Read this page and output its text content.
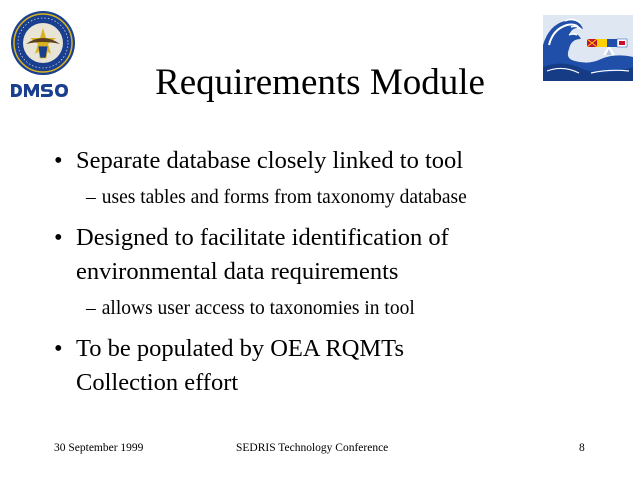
Requirements Module
• Separate database closely linked to tool
– uses tables and forms from taxonomy database
• Designed to facilitate identification of
environmental data requirements
– allows user access to taxonomies in tool
• To be populated by OEA RQMTs
Collection effort
30 September 1999	SEDRIS Technology Conference	8
